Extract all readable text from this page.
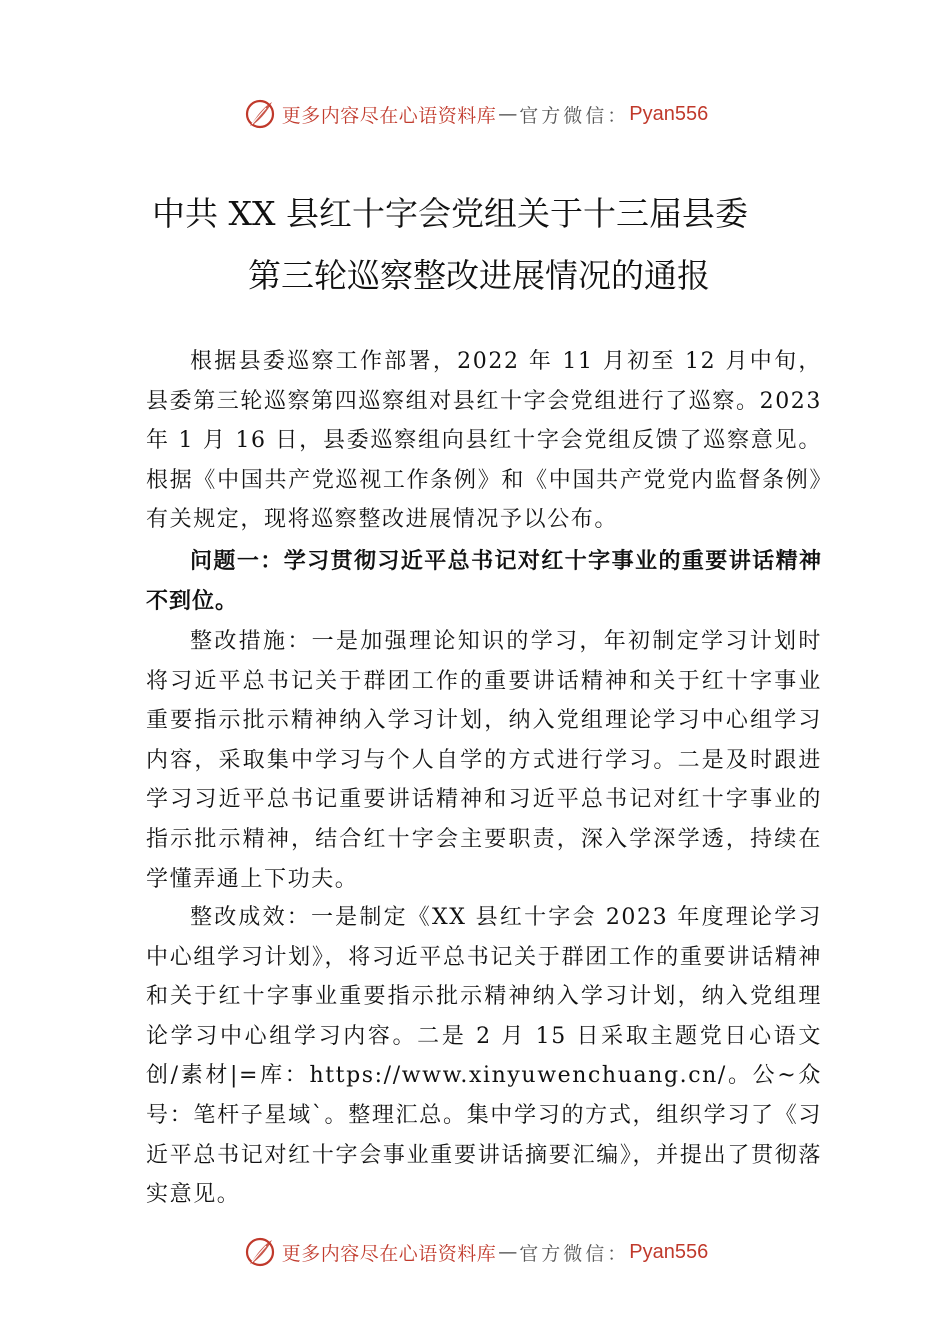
更多内容尽在心语资料库 — 官方微信： Pyan556
中共 XX 县红十字会党组关于十三届县委
第三轮巡察整改进展情况的通报

根据县委巡察工作部署，2022 年 11 月初至 12 月中旬，县委第三轮巡察第四巡察组对县红十字会党组进行了巡察。2023 年 1 月 16 日，县委巡察组向县红十字会党组反馈了巡察意见。根据《中国共产党巡视工作条例》和《中国共产党党内监督条例》有关规定，现将巡察整改进展情况予以公布。

问题一：学习贯彻习近平总书记对红十字事业的重要讲话精神不到位。

整改措施：一是加强理论知识的学习，年初制定学习计划时将习近平总书记关于群团工作的重要讲话精神和关于红十字事业重要指示批示精神纳入学习计划，纳入党组理论学习中心组学习内容，采取集中学习与个人自学的方式进行学习。二是及时跟进学习习近平总书记重要讲话精神和习近平总书记对红十字事业的指示批示精神，结合红十字会主要职责，深入学深学透，持续在学懂弄通上下功夫。

整改成效：一是制定《XX 县红十字会 2023 年度理论学习中心组学习计划》，将习近平总书记关于群团工作的重要讲话精神和关于红十字事业重要指示批示精神纳入学习计划，纳入党组理论学习中心组学习内容。二是 2 月 15 日采取主题党日心语文创/素材|=库：https://www.xinyuwenchuang.cn/。公~众号：笔杆子星域`。整理汇总。集中学习的方式，组织学习了《习近平总书记对红十字会事业重要讲话摘要汇编》，并提出了贯彻落实意见。

更多内容尽在心语资料库 — 官方微信： Pyan556
